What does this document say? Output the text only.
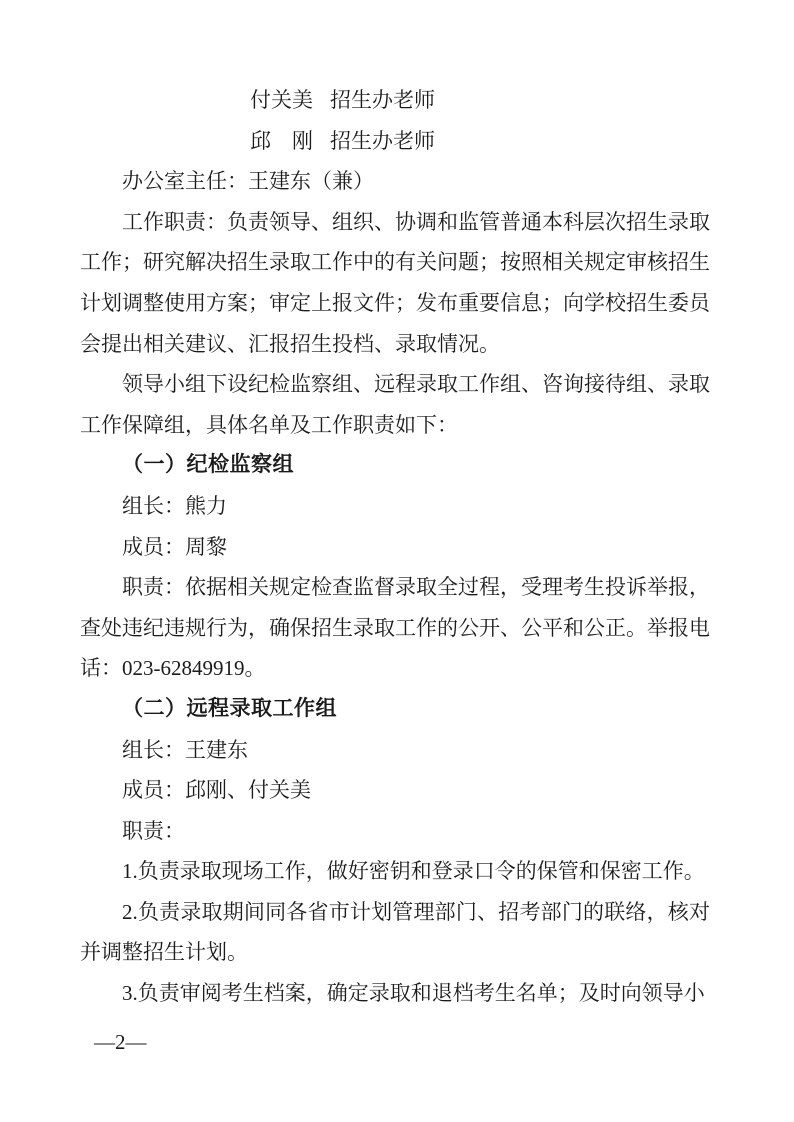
付关美 招生办老师
邱　刚 招生办老师
办公室主任：王建东（兼）
工作职责：负责领导、组织、协调和监管普通本科层次招生录取工作；研究解决招生录取工作中的有关问题；按照相关规定审核招生计划调整使用方案；审定上报文件；发布重要信息；向学校招生委员会提出相关建议、汇报招生投档、录取情况。
领导小组下设纪检监察组、远程录取工作组、咨询接待组、录取工作保障组，具体名单及工作职责如下：
（一）纪检监察组
组长：熊力
成员：周黎
职责：依据相关规定检查监督录取全过程，受理考生投诉举报，查处违纪违规行为，确保招生录取工作的公开、公平和公正。举报电话：023-62849919。
（二）远程录取工作组
组长：王建东
成员：邱刚、付关美
职责：
1.负责录取现场工作，做好密钥和登录口令的保管和保密工作。
2.负责录取期间同各省市计划管理部门、招考部门的联络，核对并调整招生计划。
3.负责审阅考生档案，确定录取和退档考生名单；及时向领导小
—2—
